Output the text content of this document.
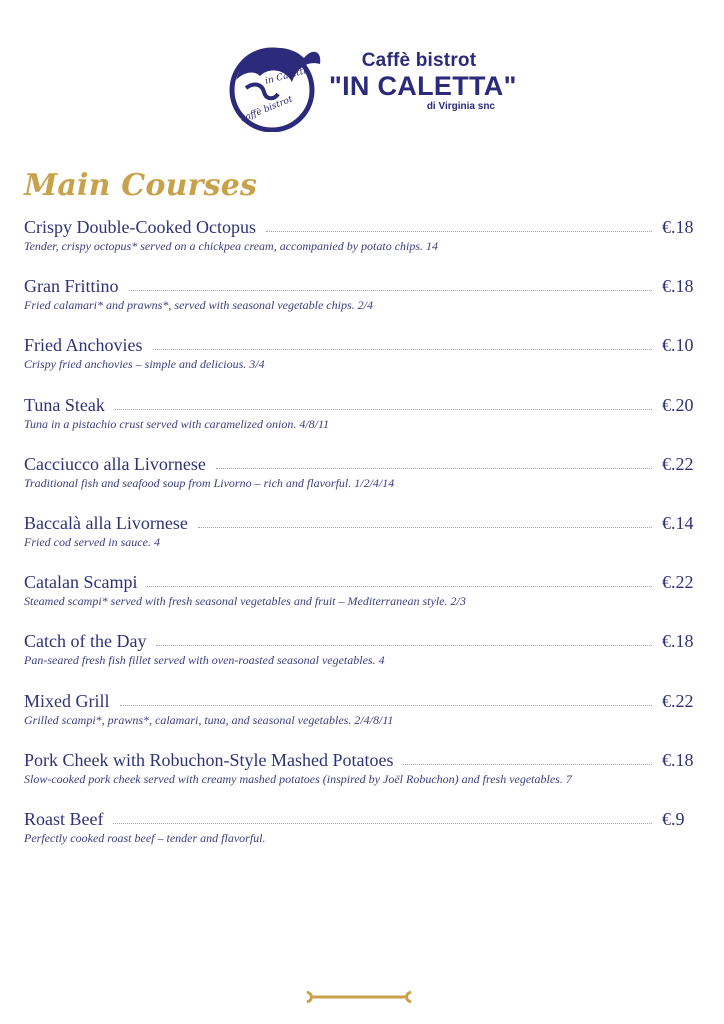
in Caletta
caffè bistrot
Caffè bistrot
"IN CALETTA"
di Virginia snc
Main Courses
Crispy Double-Cooked Octopus	€.18
Tender, crispy octopus* served on a chickpea cream, accompanied by potato chips. 14
Gran Frittino	€.18
Fried calamari* and prawns*, served with seasonal vegetable chips. 2/4
Fried Anchovies	€.10
Crispy fried anchovies – simple and delicious. 3/4
Tuna Steak	€.20
Tuna in a pistachio crust served with caramelized onion. 4/8/11
Cacciucco alla Livornese	€.22
Traditional fish and seafood soup from Livorno – rich and flavorful. 1/2/4/14
Baccalà alla Livornese	€.14
Fried cod served in sauce. 4
Catalan Scampi	€.22
Steamed scampi* served with fresh seasonal vegetables and fruit – Mediterranean style. 2/3
Catch of the Day	€.18
Pan-seared fresh fish fillet served with oven-roasted seasonal vegetables. 4
Mixed Grill	€.22
Grilled scampi*, prawns*, calamari, tuna, and seasonal vegetables. 2/4/8/11
Pork Cheek with Robuchon-Style Mashed Potatoes	€.18
Slow-cooked pork cheek served with creamy mashed potatoes (inspired by Joël Robuchon) and fresh vegetables. 7
Roast Beef	€.9
Perfectly cooked roast beef – tender and flavorful.
